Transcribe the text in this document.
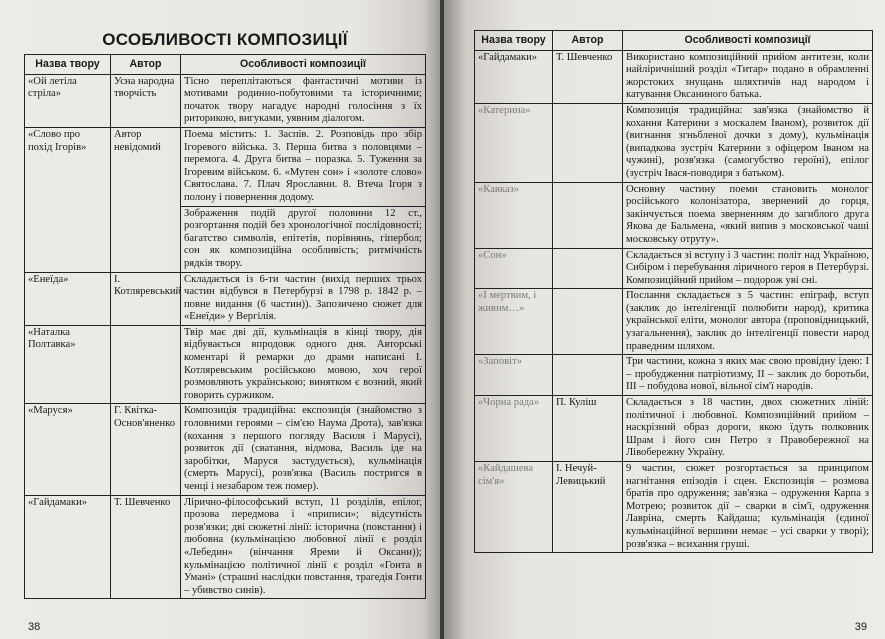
ОСОБЛИВОСТІ КОМПОЗИЦІЇ
Назва твору	Автор	Особливості композиції
«Ой летіла стріла»	Усна народна творчість	Тісно переплітаються фантастичні мотиви із мотивами родинно-побутовими та історичними; початок твору нагадує народні голосіння з їх риторикою, вигуками, уявним діалогом.
«Слово про похід Ігорів»	Автор невідомий	Поема містить: 1. Заспів. 2. Розповідь про збір Ігоревого війська. 3. Перша битва з половцями – перемога. 4. Друга битва – поразка. 5. Туження за Ігоревим військом. 6. «Мутен сон» і «золоте слово» Святослава. 7. Плач Ярославни. 8. Втеча Ігоря з полону і повернення додому.
Зображення подій другої половини 12 ст., розгортання подій без хронологічної послідовності; багатство символів, епітетів, порівнянь, гіпербол; сон як композиційна особливість; ритмічність рядків твору.

«Енеїда»	І. Котляревський	Складається із 6-ти частин (вихід перших трьох частин відбувся в Петербурзі в 1798 р. 1842 р. – повне видання (6 частин)). Запозичено сюжет для «Енеїди» у Вергілія.
«Наталка Полтавка»		Твір має дві дії, кульмінація в кінці твору, дія відбувається впродовж одного дня. Авторські коментарі й ремарки до драми написані І. Котляревським російською мовою, хоч герої розмовляють українською; винятком є возний, який говорить суржиком.
«Маруся»	Г. Квітка-Основ'яненко	Композиція традиційна: експозиція (знайомство з головними героями – сім'єю Наума Дрота), зав'язка (кохання з першого погляду Василя і Марусі), розвиток дії (сватання, відмова, Василь іде на заробітки, Маруся застудується), кульмінація (смерть Марусі), розв'язка (Василь постригся в ченці і незабаром теж помер).
«Гайдамаки»	Т. Шевченко	Ліричнo-філософський вступ, 11 розділів, епілог, прозова передмова і «приписи»; відсутність розв'язки; дві сюжетні лінії: історична (повстання) і любовна (кульмінацією любовної лінії є розділ «Лебедин» (вінчання Яреми й Оксани)); кульмінацією політичної лінії є розділ «Гонта в Умані» (страшні наслідки повстання, трагедія Гонти – убивство синів).
38
Назва твору	Автор	Особливості композиції
«Гайдамаки»	Т. Шевченко	Використано композиційний прийом антитези, коли найліричніший розділ «Титар» подано в обрамленні жорстоких знущань шляхтичів над народом і катування Оксаниного батька.
«Катерина»		Композиція традиційна: зав'язка (знайомство й кохання Катерини з москалем Іваном), розвиток дії (вигнання згньбленої дочки з дому), кульмінація (випадкова зустріч Катерини з офіцером Іваном на чужині), розв'язка (самогубство героїні), епілог (зустріч Івася-поводиря з батьком).
«Кавказ»		Основну частину поеми становить монолог російського колонізатора, звернений до горця, закінчується поема зверненням до загиблого друга Якова де Бальмена, «який випив з московської чаші московську отруту».
«Сон»		Складається зі вступу і 3 частин: політ над Україною, Сибіром і перебування ліричного героя в Петербурзі. Композиційний прийом – подорож уві сні.
«І мертвим, і живим…»		Послання складається з 5 частин: епіграф, вступ (заклик до інтелігенції полюбити народ), критика української еліти, монолог автора (проповідницький, узагальнення), заклик до інтелігенції повести народ праведним шляхом.
«Заповіт»		Три частини, кожна з яких має свою провідну ідею: І – пробудження патріотизму, ІІ – заклик до боротьби, ІІІ – побудова нової, вільної сім'ї народів.
«Чорна рада»	П. Куліш	Складається з 18 частин, двох сюжетних ліній: політичної і любовної. Композиційний прийом – наскрізний образ дороги, якою їдуть полковник Шрам і його син Петро з Правобережної на Лівобережну Україну.
«Кайдашева сім'я»	І. Нечуй-Левицький	9 частин, сюжет розгортається за принципом нагнітання епізодів і сцен. Експозиція – розмова братів про одруження; зав'язка – одруження Карпа з Мотрею; розвиток дії – сварки в сім'ї, одруження Лаврiна, смерть Кайдаша; кульмінація (єдиної кульмінаційної вершини немає – усі сварки у творі); розв'язка – всихання груші.
39
